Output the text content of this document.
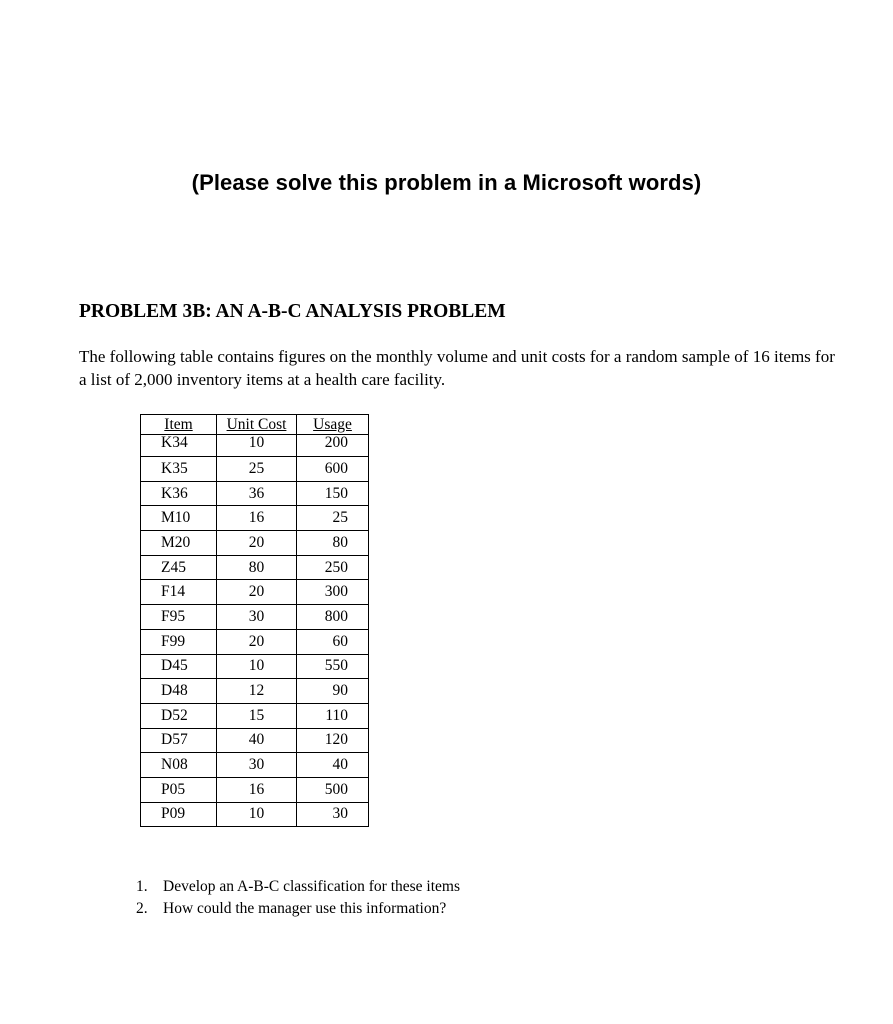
(Please solve this problem in a Microsoft words)
PROBLEM 3B: AN A-B-C ANALYSIS PROBLEM

The following table contains figures on the monthly volume and unit costs for a random sample of 16 items for a list of 2,000 inventory items at a health care facility.

Item	Unit Cost	Usage
K34	10	200
K35	25	600
K36	36	150
M10	16	25
M20	20	80
Z45	80	250
F14	20	300
F95	30	800
F99	20	60
D45	10	550
D48	12	90
D52	15	110
D57	40	120
N08	30	40
P05	16	500
P09	10	30
1. Develop an A-B-C classification for these items
2. How could the manager use this information?
